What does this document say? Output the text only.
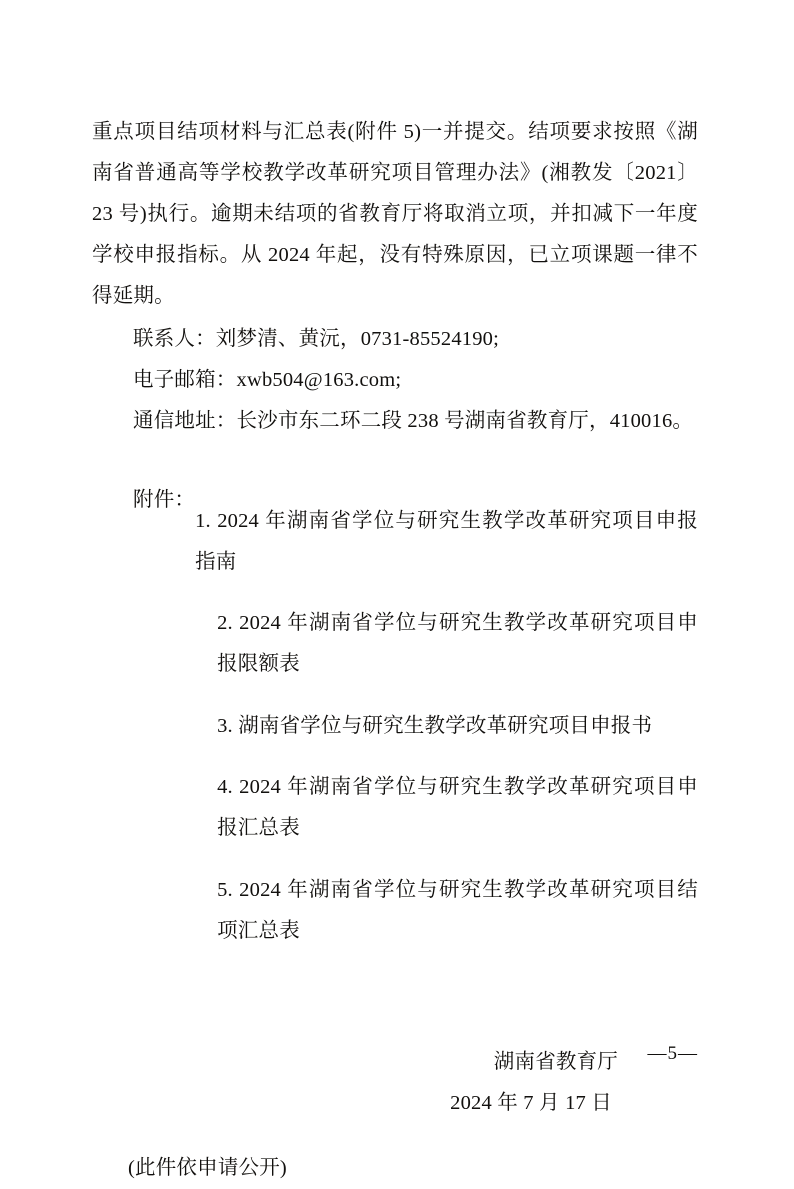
重点项目结项材料与汇总表(附件 5)一并提交。结项要求按照《湖南省普通高等学校教学改革研究项目管理办法》(湘教发〔2021〕23 号)执行。逾期未结项的省教育厅将取消立项，并扣减下一年度学校申报指标。从 2024 年起，没有特殊原因，已立项课题一律不得延期。

联系人：刘梦清、黄沅，0731-85524190;

电子邮箱：xwb504@163.com;

通信地址：长沙市东二环二段 238 号湖南省教育厅，410016。

附件：

1. 2024 年湖南省学位与研究生教学改革研究项目申报指南

2. 2024 年湖南省学位与研究生教学改革研究项目申报限额表

3. 湖南省学位与研究生教学改革研究项目申报书

4. 2024 年湖南省学位与研究生教学改革研究项目申报汇总表

5. 2024 年湖南省学位与研究生教学改革研究项目结项汇总表

湖南省教育厅
2024 年 7 月 17 日
(此件依申请公开)
—5—
